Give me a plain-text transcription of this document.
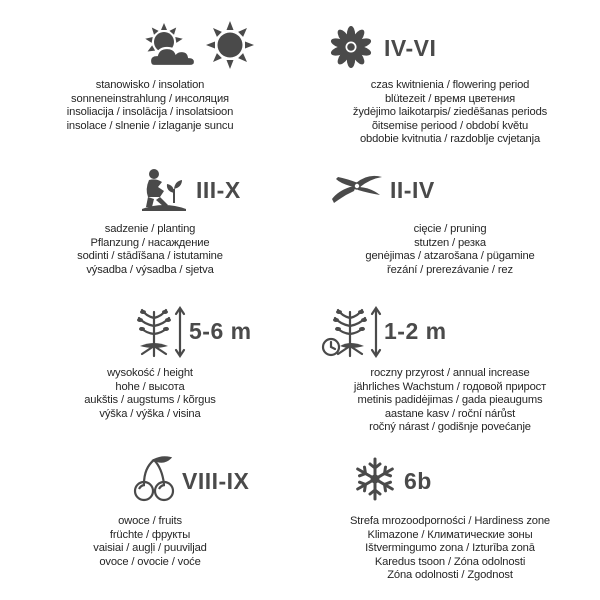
stanowisko / insolation
sonneneinstrahlung / инсоляция
insoliacija / insolācija / insolatsioon
insolace / slnenie / izlaganje suncu
IV-VI
czas kwitnienia / flowering period
blütezeit / время цветения
žydėjimo laikotarpis/ ziedēšanas periods
õitsemise periood / období květu
obdobie kvitnutia / razdoblje cvjetanja
III-X
sadzenie / planting
Pflanzung / насаждение
sodinti / stādīšana / istutamine
výsadba / výsadba / sjetva
II-IV
cięcie / pruning
stutzen / резка
genėjimas / atzarošana / pügamine
řezání / prerezávanie / rez
5-6 m
wysokość / height
hohe / высота
aukštis / augstums / kõrgus
výška / výška / visina
1-2 m
roczny przyrost / annual increase
jährliches Wachstum / годовой прирост
metinis padidėjimas / gada pieaugums
aastane kasv / roční nárůst
ročný nárast / godišnje povećanje
VIII-IX
owoce / fruits
früchte / фрукты
vaisiai / augļi / puuviljad
ovoce / ovocie / voće
6b
Strefa mrozoodporności / Hardiness zone
Klimazone / Климатические зоны
Ištvermingumo zona / Izturība zonā
Karedus tsoon / Zóna odolnosti
Zóna odolnosti / Zgodnost
